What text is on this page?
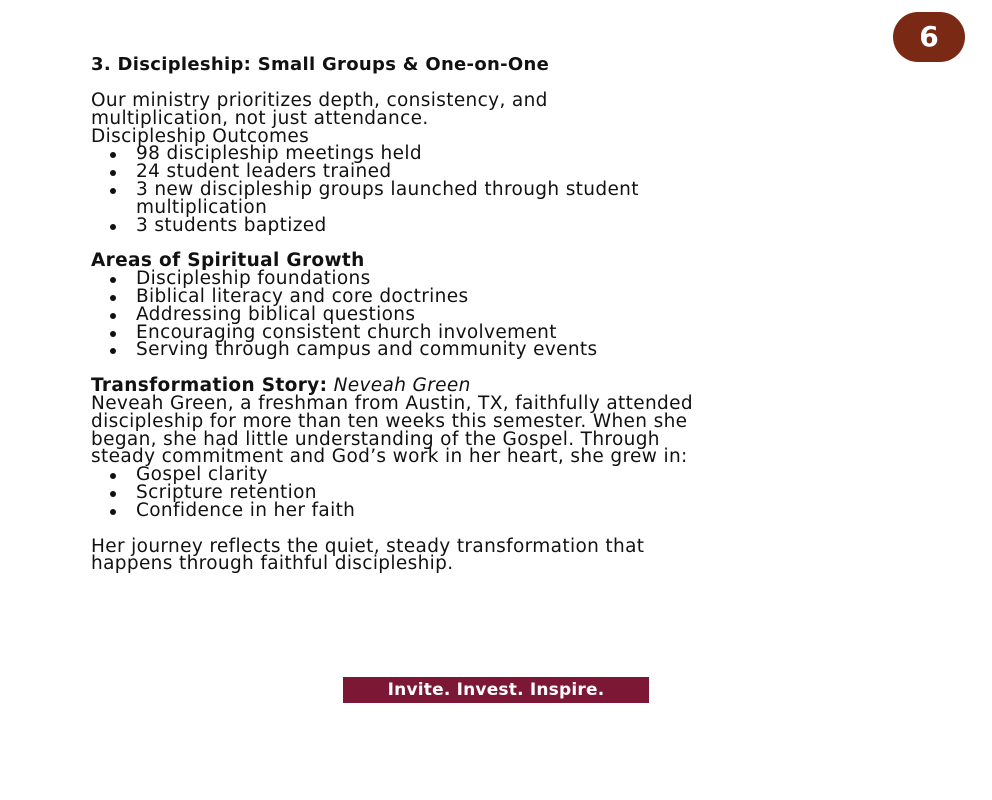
6
3. Discipleship: Small Groups & One-on-One

Our ministry prioritizes depth, consistency, and

multiplication, not just attendance.

Discipleship Outcomes

98 discipleship meetings held
24 student leaders trained
3 new discipleship groups launched through student
multiplication
3 students baptized

Areas of Spiritual Growth

Discipleship foundations
Biblical literacy and core doctrines
Addressing biblical questions
Encouraging consistent church involvement
Serving through campus and community events

Transformation Story: Neveah Green

Neveah Green, a freshman from Austin, TX, faithfully attended

discipleship for more than ten weeks this semester. When she

began, she had little understanding of the Gospel. Through

steady commitment and God’s work in her heart, she grew in:

Gospel clarity
Scripture retention
Confidence in her faith

Her journey reflects the quiet, steady transformation that

happens through faithful discipleship.

Invite. Invest. Inspire.
